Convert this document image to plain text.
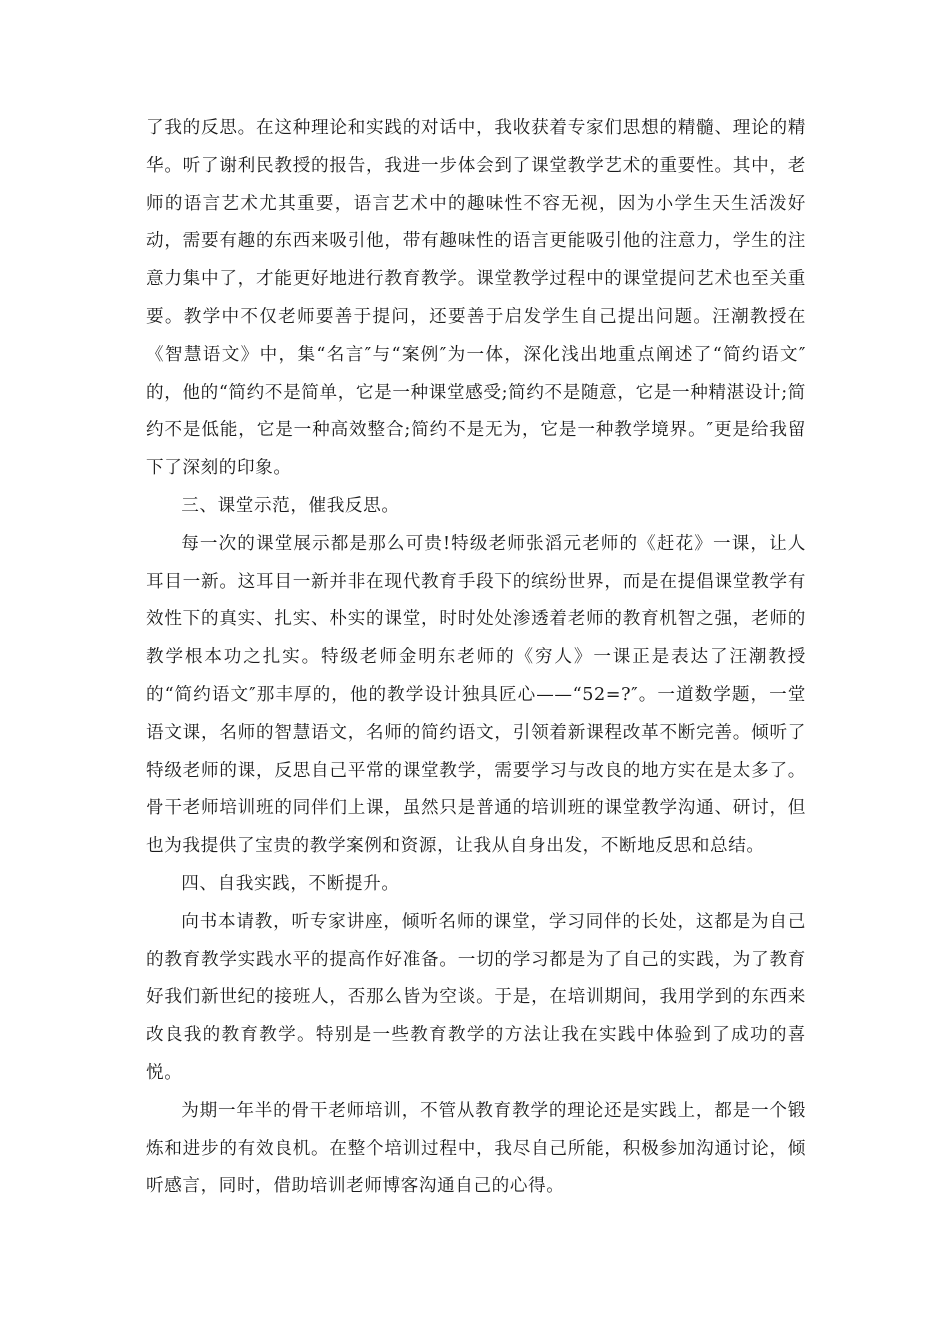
了我的反思。在这种理论和实践的对话中，我收获着专家们思想的精髓、理论的精华。听了谢利民教授的报告，我进一步体会到了课堂教学艺术的重要性。其中，老师的语言艺术尤其重要，语言艺术中的趣味性不容无视，因为小学生天生活泼好动，需要有趣的东西来吸引他，带有趣味性的语言更能吸引他的注意力，学生的注意力集中了，才能更好地进行教育教学。课堂教学过程中的课堂提问艺术也至关重要。教学中不仅老师要善于提问，还要善于启发学生自己提出问题。汪潮教授在《智慧语文》中，集“名言″与“案例″为一体，深化浅出地重点阐述了“简约语文″的，他的“简约不是简单，它是一种课堂感受;简约不是随意，它是一种精湛设计;简约不是低能，它是一种高效整合;简约不是无为，它是一种教学境界。″更是给我留下了深刻的印象。

三、课堂示范，催我反思。

每一次的课堂展示都是那么可贵!特级老师张滔元老师的《赶花》一课，让人耳目一新。这耳目一新并非在现代教育手段下的缤纷世界，而是在提倡课堂教学有效性下的真实、扎实、朴实的课堂，时时处处渗透着老师的教育机智之强，老师的教学根本功之扎实。特级老师金明东老师的《穷人》一课正是表达了汪潮教授的“简约语文″那丰厚的，他的教学设计独具匠心——“52=?″。一道数学题，一堂语文课，名师的智慧语文，名师的简约语文，引领着新课程改革不断完善。倾听了特级老师的课，反思自己平常的课堂教学，需要学习与改良的地方实在是太多了。骨干老师培训班的同伴们上课，虽然只是普通的培训班的课堂教学沟通、研讨，但也为我提供了宝贵的教学案例和资源，让我从自身出发，不断地反思和总结。

四、自我实践，不断提升。

向书本请教，听专家讲座，倾听名师的课堂，学习同伴的长处，这都是为自己的教育教学实践水平的提高作好准备。一切的学习都是为了自己的实践，为了教育好我们新世纪的接班人，否那么皆为空谈。于是，在培训期间，我用学到的东西来改良我的教育教学。特别是一些教育教学的方法让我在实践中体验到了成功的喜悦。

为期一年半的骨干老师培训，不管从教育教学的理论还是实践上，都是一个锻炼和进步的有效良机。在整个培训过程中，我尽自己所能，积极参加沟通讨论，倾听感言，同时，借助培训老师博客沟通自己的心得。
